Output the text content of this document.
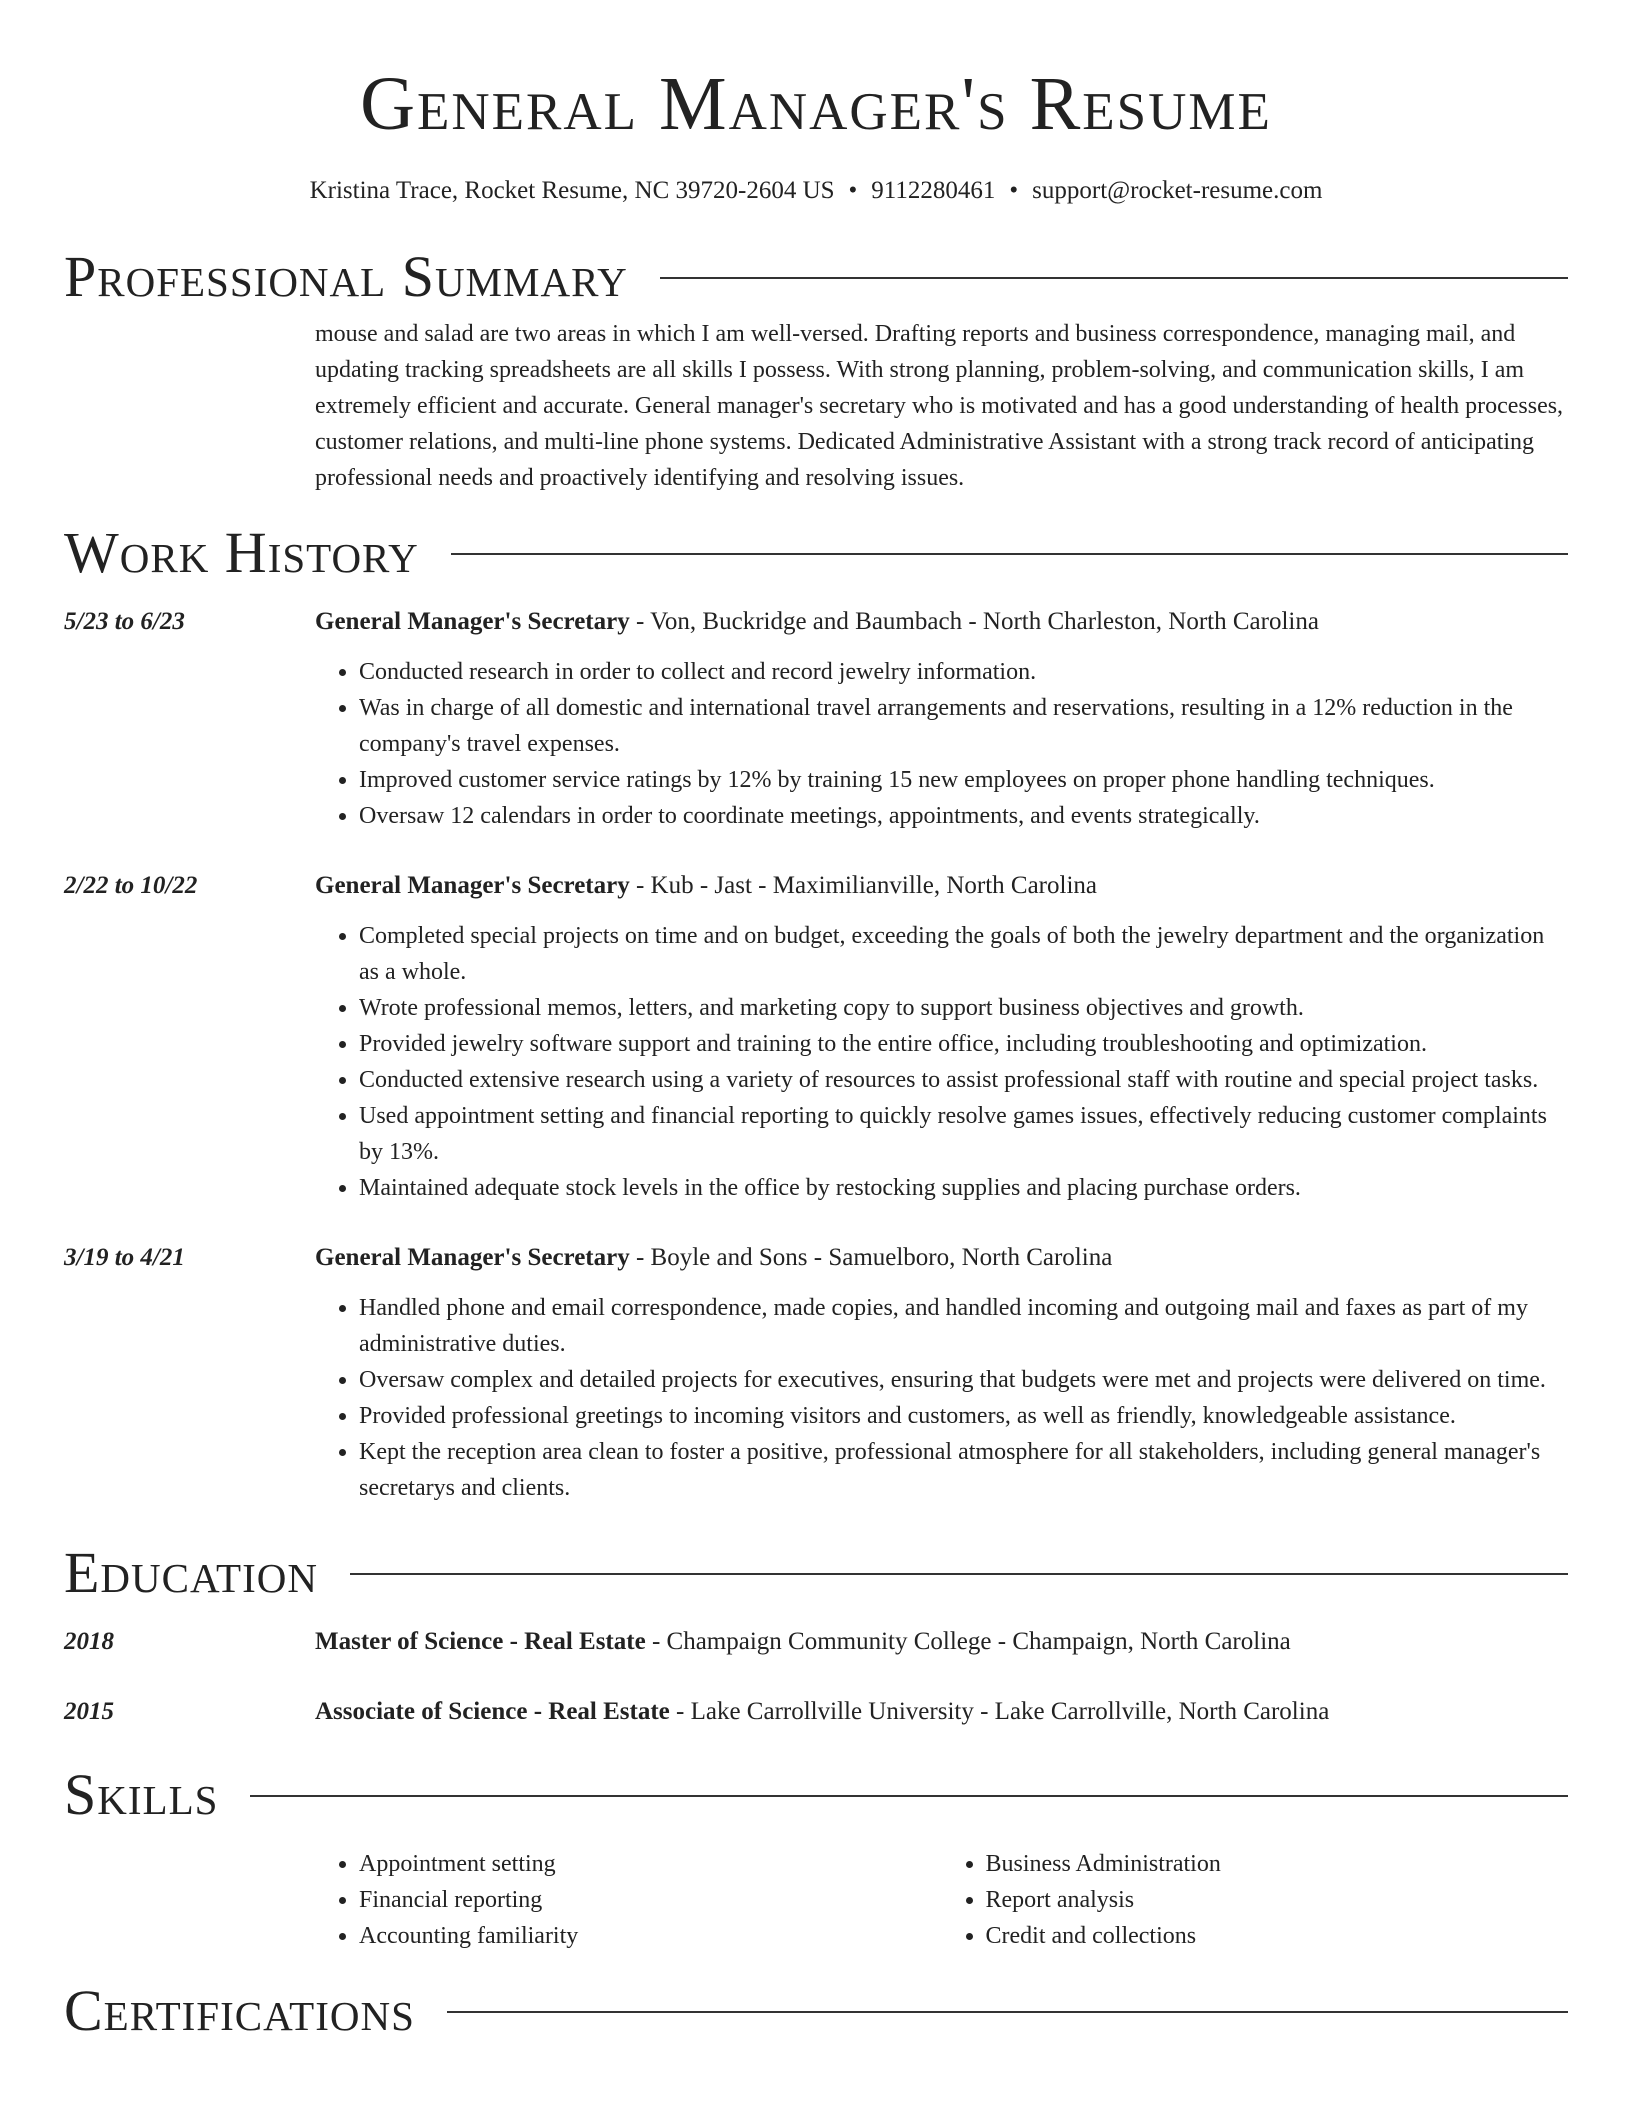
General Manager's Resume
Kristina Trace, Rocket Resume, NC 39720-2604 US • 9112280461 • support@rocket-resume.com
Professional Summary
mouse and salad are two areas in which I am well-versed. Drafting reports and business correspondence, managing mail, and updating tracking spreadsheets are all skills I possess. With strong planning, problem-solving, and communication skills, I am extremely efficient and accurate. General manager's secretary who is motivated and has a good understanding of health processes, customer relations, and multi-line phone systems. Dedicated Administrative Assistant with a strong track record of anticipating professional needs and proactively identifying and resolving issues.
Work History
5/23 to 6/23	General Manager's Secretary - Von, Buckridge and Baumbach - North Charleston, North Carolina
• Conducted research in order to collect and record jewelry information.
• Was in charge of all domestic and international travel arrangements and reservations, resulting in a 12% reduction in the company's travel expenses.
• Improved customer service ratings by 12% by training 15 new employees on proper phone handling techniques.
• Oversaw 12 calendars in order to coordinate meetings, appointments, and events strategically.
2/22 to 10/22	General Manager's Secretary - Kub - Jast - Maximilianville, North Carolina
• Completed special projects on time and on budget, exceeding the goals of both the jewelry department and the organization as a whole.
• Wrote professional memos, letters, and marketing copy to support business objectives and growth.
• Provided jewelry software support and training to the entire office, including troubleshooting and optimization.
• Conducted extensive research using a variety of resources to assist professional staff with routine and special project tasks.
• Used appointment setting and financial reporting to quickly resolve games issues, effectively reducing customer complaints by 13%.
• Maintained adequate stock levels in the office by restocking supplies and placing purchase orders.
3/19 to 4/21	General Manager's Secretary - Boyle and Sons - Samuelboro, North Carolina
• Handled phone and email correspondence, made copies, and handled incoming and outgoing mail and faxes as part of my administrative duties.
• Oversaw complex and detailed projects for executives, ensuring that budgets were met and projects were delivered on time.
• Provided professional greetings to incoming visitors and customers, as well as friendly, knowledgeable assistance.
• Kept the reception area clean to foster a positive, professional atmosphere for all stakeholders, including general manager's secretarys and clients.
Education
2018	Master of Science - Real Estate - Champaign Community College - Champaign, North Carolina
2015	Associate of Science - Real Estate - Lake Carrollville University - Lake Carrollville, North Carolina
Skills
• Appointment setting
• Financial reporting
• Accounting familiarity
• Business Administration
• Report analysis
• Credit and collections
Certifications
